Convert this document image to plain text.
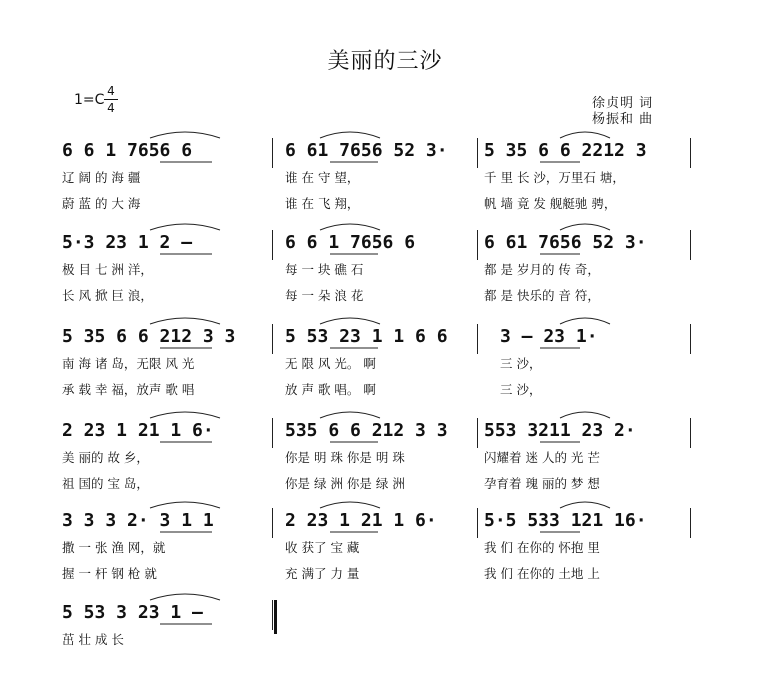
美丽的三沙
1=C
4
4	徐贞明 词
杨振和 曲
6 6 1 7656 6	6 61 7656 52 3· 5 35 6 6 2212 3
辽 阔 的 海 疆	谁 在 守 望，	千 里 长 沙，万里石 塘，
蔚 蓝 的 大 海	谁 在 飞 翔，	帆 墙 竟 发 舰艇驰 骋，
5·3 23 1 2 —	6 6 1 7656 6	6 61 7656 52 3·
极 目 七 洲 洋，	每 一 块 礁 石	都 是 岁月的 传 奇，
长 风 掀 巨 浪，	每 一 朵 浪 花	都 是 快乐的 音 符，
5 35 6 6 212 3 3	5 53 23 1 1 6 6	3 — 23 1·
南 海 诸 岛，无限 风 光	无 限 风 光。 啊	三 沙，
承 载 幸 福，放声 歌 唱	放 声 歌 唱。 啊	三 沙，
2 23 1 21 1 6·	535 6 6 212 3 3 553 3211 23 2·
美 丽的 故 乡，	你是 明 珠 你是 明 珠	闪耀着 迷 人的 光 芒
祖 国的 宝 岛，	你是 绿 洲 你是 绿 洲	孕育着 瑰 丽的 梦 想
3 3 3 2· 3 1 1	2 23 1 21 1 6·	5·5 533 121 16·
撒 一 张 渔 网，就	收 获了 宝 藏	我 们 在你的 怀抱 里
握 一 杆 钢 枪 就	充 满了 力 量	我 们 在你的 土地 上
5 53 3 23 1 —
茁 壮 成 长
